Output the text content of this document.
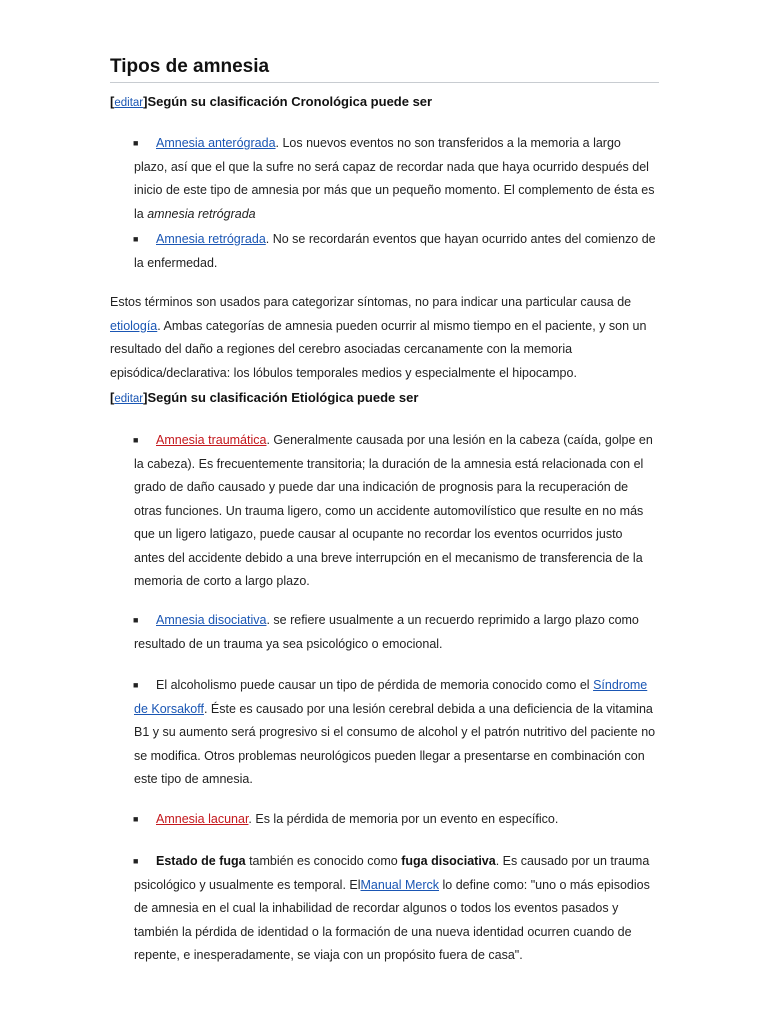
Tipos de amnesia
[editar]Según su clasificación Cronológica puede ser
■ Amnesia anterógrada. Los nuevos eventos no son transferidos a la memoria a largo plazo, así que el que la sufre no será capaz de recordar nada que haya ocurrido después del inicio de este tipo de amnesia por más que un pequeño momento. El complemento de ésta es la amnesia retrógrada
■ Amnesia retrógrada. No se recordarán eventos que hayan ocurrido antes del comienzo de la enfermedad.
Estos términos son usados para categorizar síntomas, no para indicar una particular causa de etiología. Ambas categorías de amnesia pueden ocurrir al mismo tiempo en el paciente, y son un resultado del daño a regiones del cerebro asociadas cercanamente con la memoria episódica/declarativa: los lóbulos temporales medios y especialmente el hipocampo.
[editar]Según su clasificación Etiológica puede ser
■ Amnesia traumática. Generalmente causada por una lesión en la cabeza (caída, golpe en la cabeza). Es frecuentemente transitoria; la duración de la amnesia está relacionada con el grado de daño causado y puede dar una indicación de prognosis para la recuperación de otras funciones. Un trauma ligero, como un accidente automovilístico que resulte en no más que un ligero latigazo, puede causar al ocupante no recordar los eventos ocurridos justo antes del accidente debido a una breve interrupción en el mecanismo de transferencia de la memoria de corto a largo plazo.
■ Amnesia disociativa. se refiere usualmente a un recuerdo reprimido a largo plazo como resultado de un trauma ya sea psicológico o emocional.
■ El alcoholismo puede causar un tipo de pérdida de memoria conocido como el Síndrome de Korsakoff. Éste es causado por una lesión cerebral debida a una deficiencia de la vitamina B1 y su aumento será progresivo si el consumo de alcohol y el patrón nutritivo del paciente no se modifica. Otros problemas neurológicos pueden llegar a presentarse en combinación con este tipo de amnesia.
■ Amnesia lacunar. Es la pérdida de memoria por un evento en específico.
■ Estado de fuga también es conocido como fuga disociativa. Es causado por un trauma psicológico y usualmente es temporal. ElManual Merck lo define como: "uno o más episodios de amnesia en el cual la inhabilidad de recordar algunos o todos los eventos pasados y también la pérdida de identidad o la formación de una nueva identidad ocurren cuando de repente, e inesperadamente, se viaja con un propósito fuera de casa".
